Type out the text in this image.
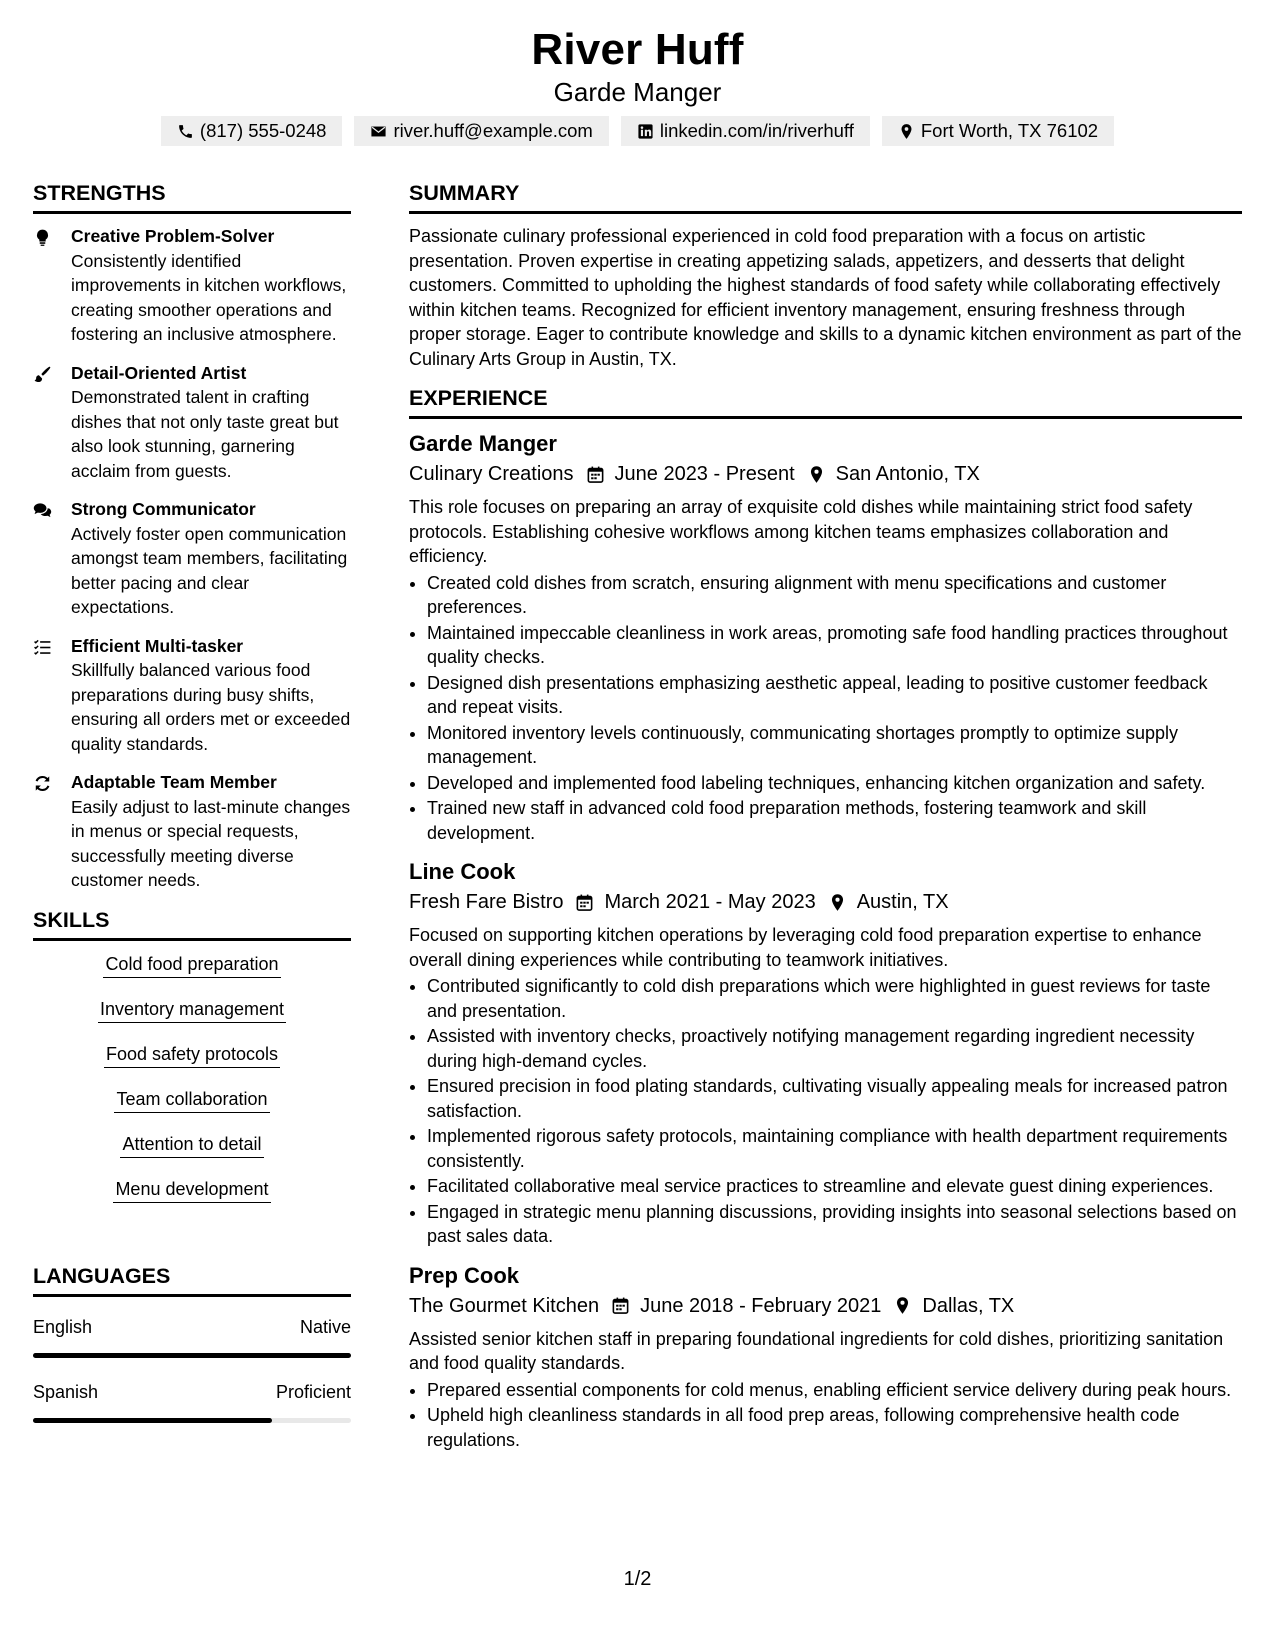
River Huff
Garde Manger
(817) 555-0248	river.huff@example.com	linkedin.com/in/riverhuff	Fort Worth, TX 76102
STRENGTHS
Creative Problem-Solver
Consistently identified improvements in kitchen workflows, creating smoother operations and fostering an inclusive atmosphere.
Detail-Oriented Artist
Demonstrated talent in crafting dishes that not only taste great but also look stunning, garnering acclaim from guests.
Strong Communicator
Actively foster open communication amongst team members, facilitating better pacing and clear expectations.
Efficient Multi-tasker
Skillfully balanced various food preparations during busy shifts, ensuring all orders met or exceeded quality standards.
Adaptable Team Member
Easily adjust to last-minute changes in menus or special requests, successfully meeting diverse customer needs.
SKILLS
Cold food preparation
Inventory management
Food safety protocols
Team collaboration
Attention to detail
Menu development
LANGUAGES
English	Native
Spanish	Proficient
SUMMARY
Passionate culinary professional experienced in cold food preparation with a focus on artistic presentation. Proven expertise in creating appetizing salads, appetizers, and desserts that delight customers. Committed to upholding the highest standards of food safety while collaborating effectively within kitchen teams. Recognized for efficient inventory management, ensuring freshness through proper storage. Eager to contribute knowledge and skills to a dynamic kitchen environment as part of the Culinary Arts Group in Austin, TX.
EXPERIENCE
Garde Manger
Culinary Creations June 2023 - Present San Antonio, TX
This role focuses on preparing an array of exquisite cold dishes while maintaining strict food safety protocols. Establishing cohesive workflows among kitchen teams emphasizes collaboration and efficiency.
• Created cold dishes from scratch, ensuring alignment with menu specifications and customer preferences.
• Maintained impeccable cleanliness in work areas, promoting safe food handling practices throughout quality checks.
• Designed dish presentations emphasizing aesthetic appeal, leading to positive customer feedback and repeat visits.
• Monitored inventory levels continuously, communicating shortages promptly to optimize supply management.
• Developed and implemented food labeling techniques, enhancing kitchen organization and safety.
• Trained new staff in advanced cold food preparation methods, fostering teamwork and skill development.
Line Cook
Fresh Fare Bistro March 2021 - May 2023 Austin, TX
Focused on supporting kitchen operations by leveraging cold food preparation expertise to enhance overall dining experiences while contributing to teamwork initiatives.
• Contributed significantly to cold dish preparations which were highlighted in guest reviews for taste and presentation.
• Assisted with inventory checks, proactively notifying management regarding ingredient necessity during high-demand cycles.
• Ensured precision in food plating standards, cultivating visually appealing meals for increased patron satisfaction.
• Implemented rigorous safety protocols, maintaining compliance with health department requirements consistently.
• Facilitated collaborative meal service practices to streamline and elevate guest dining experiences.
• Engaged in strategic menu planning discussions, providing insights into seasonal selections based on past sales data.
Prep Cook
The Gourmet Kitchen June 2018 - February 2021 Dallas, TX
Assisted senior kitchen staff in preparing foundational ingredients for cold dishes, prioritizing sanitation and food quality standards.
• Prepared essential components for cold menus, enabling efficient service delivery during peak hours.
• Upheld high cleanliness standards in all food prep areas, following comprehensive health code regulations.
1/2
